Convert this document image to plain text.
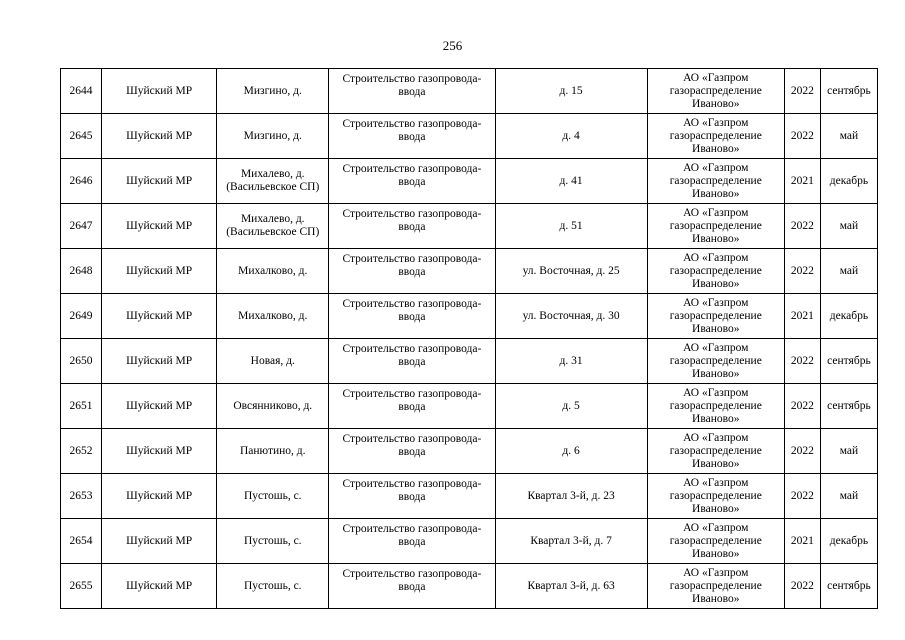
256
2644	Шуйский МР	Мизгино, д.	Строительство газопровода-ввода	д. 15	АО «Газпром газораспределение Иваново»	2022	сентябрь
2645	Шуйский МР	Мизгино, д.	Строительство газопровода-ввода	д. 4	АО «Газпром газораспределение Иваново»	2022	май
2646	Шуйский МР	Михалево, д. (Васильевское СП)	Строительство газопровода-ввода	д. 41	АО «Газпром газораспределение Иваново»	2021	декабрь
2647	Шуйский МР	Михалево, д. (Васильевское СП)	Строительство газопровода-ввода	д. 51	АО «Газпром газораспределение Иваново»	2022	май
2648	Шуйский МР	Михалково, д.	Строительство газопровода-ввода	ул. Восточная, д. 25	АО «Газпром газораспределение Иваново»	2022	май
2649	Шуйский МР	Михалково, д.	Строительство газопровода-ввода	ул. Восточная, д. 30	АО «Газпром газораспределение Иваново»	2021	декабрь
2650	Шуйский МР	Новая, д.	Строительство газопровода-ввода	д. 31	АО «Газпром газораспределение Иваново»	2022	сентябрь
2651	Шуйский МР	Овсянниково, д.	Строительство газопровода-ввода	д. 5	АО «Газпром газораспределение Иваново»	2022	сентябрь
2652	Шуйский МР	Панютино, д.	Строительство газопровода-ввода	д. 6	АО «Газпром газораспределение Иваново»	2022	май
2653	Шуйский МР	Пустошь, с.	Строительство газопровода-ввода	Квартал 3-й, д. 23	АО «Газпром газораспределение Иваново»	2022	май
2654	Шуйский МР	Пустошь, с.	Строительство газопровода-ввода	Квартал 3-й, д. 7	АО «Газпром газораспределение Иваново»	2021	декабрь
2655	Шуйский МР	Пустошь, с.	Строительство газопровода-ввода	Квартал 3-й, д. 63	АО «Газпром газораспределение Иваново»	2022	сентябрь
